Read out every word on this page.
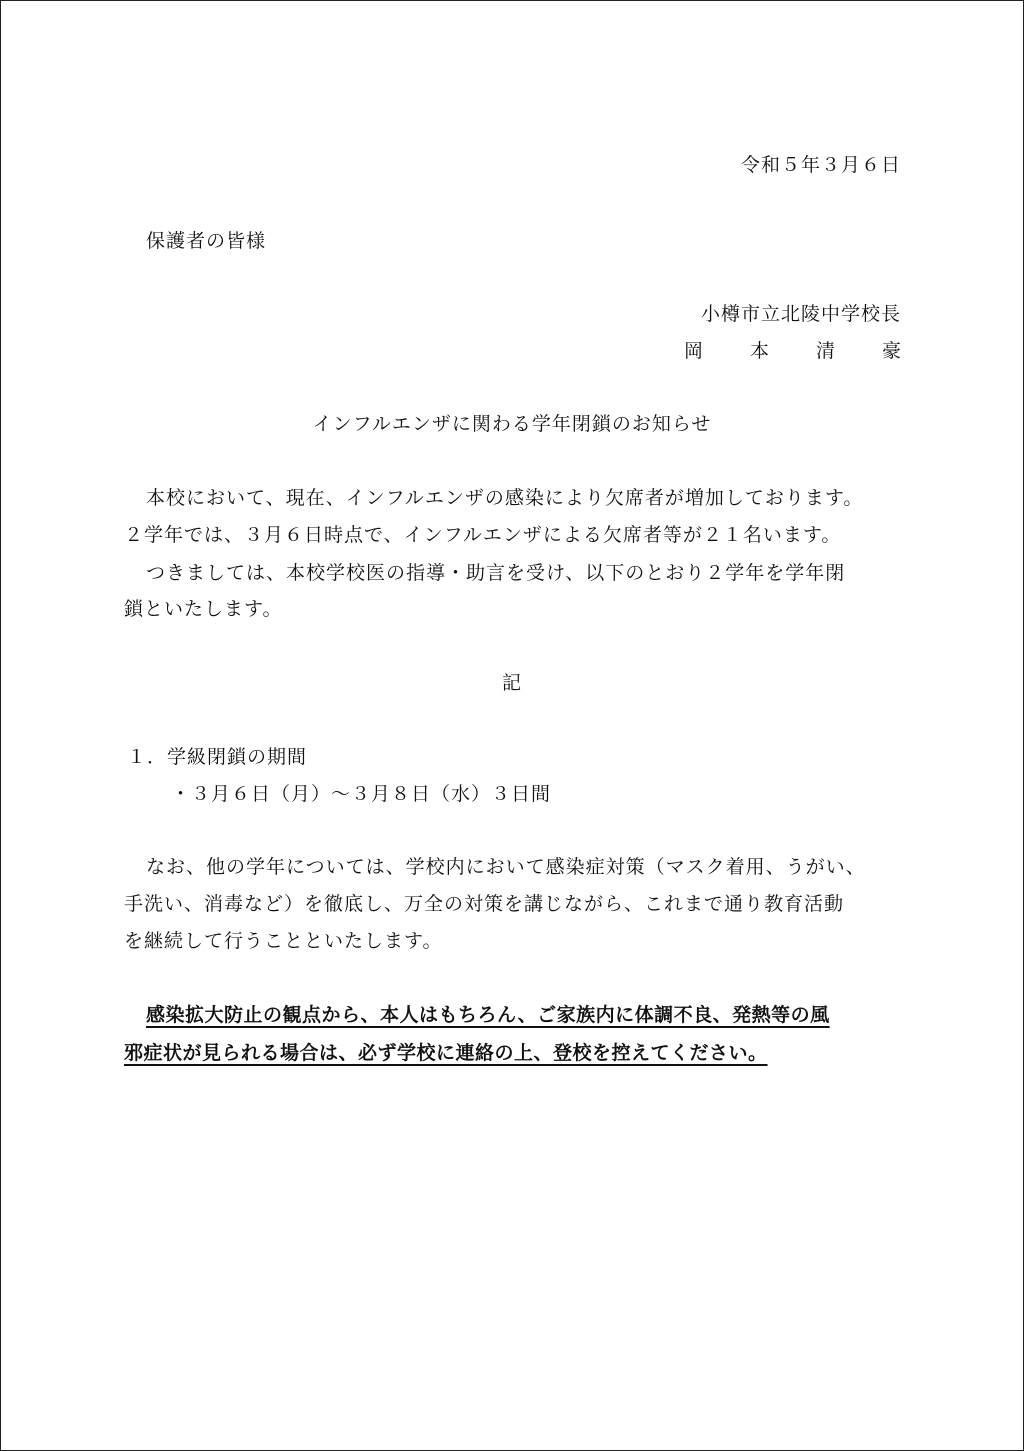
令和５年３月６日
保護者の皆様
小樽市立北陵中学校長
岡　本　清　豪
インフルエンザに関わる学年閉鎖のお知らせ
本校において、現在、インフルエンザの感染により欠席者が増加しております。
２学年では、３月６日時点で、インフルエンザによる欠席者等が２１名います。
つきましては、本校学校医の指導・助言を受け、以下のとおり２学年を学年閉
鎖といたします。
記
１．学級閉鎖の期間
・３月６日（月）～３月８日（水）３日間
なお、他の学年については、学校内において感染症対策（マスク着用、うがい、
手洗い、消毒など）を徹底し、万全の対策を講じながら、これまで通り教育活動
を継続して行うことといたします。
感染拡大防止の観点から、本人はもちろん、ご家族内に体調不良、発熱等の風
邪症状が見られる場合は、必ず学校に連絡の上、登校を控えてください。
